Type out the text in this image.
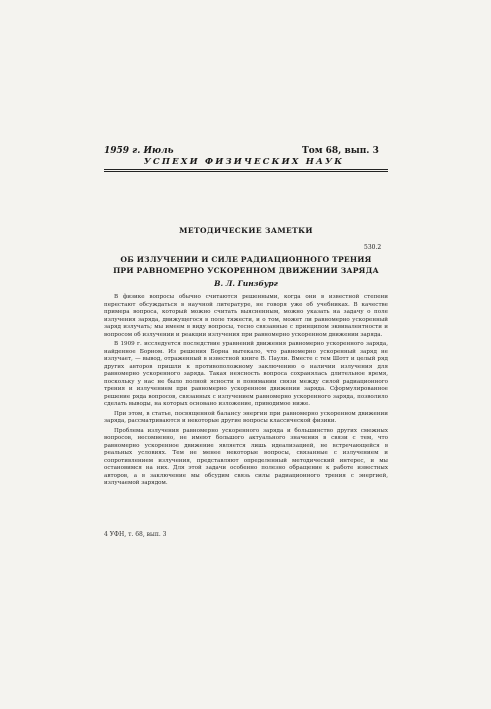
1959 г. Июль	Том 68, вып. 3
УСПЕХИ ФИЗИЧЕСКИХ НАУК
МЕТОДИЧЕСКИЕ ЗАМЕТКИ
530.2
ОБ ИЗЛУЧЕНИИ И СИЛЕ РАДИАЦИОННОГО ТРЕНИЯ
ПРИ РАВНОМЕРНО УСКОРЕННОМ ДВИЖЕНИИ ЗАРЯДА
В. Л. Гинзбург

В физике вопросы обычно считаются решенными, когда они в известной степени перестают обсуждаться в научной литературе, не говоря уже об учебниках. В качестве примера вопроса, который можно считать выясненным, можно указать на задачу о поле излучения заряда, движущегося в поле тяжести, и о том, может ли равномерно ускоренный заряд излучать; мы имеем в виду вопросы, тесно связанные с принципом эквивалентности и вопросом об излучении и реакции излучения при равномерно ускоренном движении заряда.

В 1909 г. исследуется последствие уравнений движения равномерно ускоренного заряда, найденное Борном. Из решения Борна вытекало, что равномерно ускоренный заряд не излучает, — вывод, отраженный в известной книге В. Паули. Вместе с тем Шотт и целый ряд других авторов пришли к противоположному заключению о наличии излучения для равномерно ускоренного заряда. Такая неясность вопроса сохранялась длительное время, поскольку у нас не было полной ясности в понимании связи между силой радиационного трения и излучением при равномерно ускоренном движении заряда. Сформулированное решение ряда вопросов, связанных с излучением равномерно ускоренного заряда, позволило сделать выводы, на которых основано изложение, приводимое ниже.

При этом, в статье, посвященной балансу энергии при равномерно ускоренном движении заряда, рассматриваются и некоторые другие вопросы классической физики.

Проблема излучения равномерно ускоренного заряда и большинство других смежных вопросов, несомненно, не имеют большого актуального значения в связи с тем, что равномерно ускоренное движение является лишь идеализацией, не встречающейся в реальных условиях. Тем не менее некоторые вопросы, связанные с излучением и сопротивлением излучения, представляют определенный методический интерес, и мы остановимся на них. Для этой задачи особенно полезно обращение к работе известных авторов, а в заключение мы обсудим связь силы радиационного трения с энергией, излучаемой зарядом.

4 УФН, т. 68, вып. 3
